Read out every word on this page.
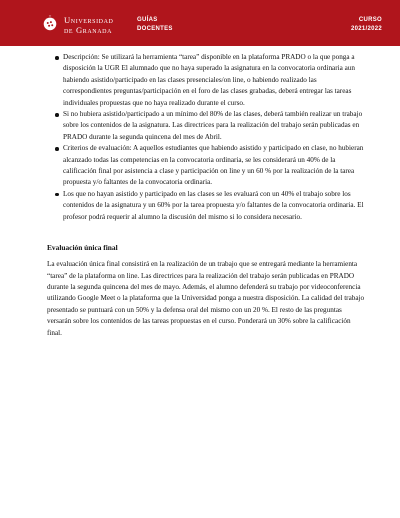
Universidad
de Granada
GUÍAS
DOCENTES
CURSO
2021/2022
Descripción: Se utilizará la herramienta “tarea” disponible en la plataforma PRADO o la que ponga a disposición la UGR El alumnado que no haya superado la asignatura en la convocatoria ordinaria aun habiendo asistido/participado en las clases presenciales/on line, o habiendo realizado las correspondientes preguntas/participación en el foro de las clases grabadas, deberá entregar las tareas individuales propuestas que no haya realizado durante el curso.
Si no hubiera asistido/participado a un mínimo del 80% de las clases, deberá también realizar un trabajo sobre los contenidos de la asignatura. Las directrices para la realización del trabajo serán publicadas en PRADO durante la segunda quincena del mes de Abril.
Criterios de evaluación: A aquellos estudiantes que habiendo asistido y participado en clase, no hubieran alcanzado todas las competencias en la convocatoria ordinaria, se les considerará un 40% de la calificación final por asistencia a clase y participación on line y un 60 % por la realización de la tarea propuesta y/o faltantes de la convocatoria ordinaria.
Los que no hayan asistido y participado en las clases se les evaluará con un 40% el trabajo sobre los contenidos de la asignatura y un 60% por la tarea propuesta y/o faltantes de la convocatoria ordinaria. El profesor podrá requerir al alumno la discusión del mismo si lo considera necesario.
Evaluación única final

La evaluación única final consistirá en la realización de un trabajo que se entregará mediante la herramienta “tarea” de la plataforma on line. Las directrices para la realización del trabajo serán publicadas en PRADO durante la segunda quincena del mes de mayo. Además, el alumno defenderá su trabajo por videoconferencia utilizando Google Meet o la plataforma que la Universidad ponga a nuestra disposición. La calidad del trabajo presentado se puntuará con un 50% y la defensa oral del mismo con un 20 %. El resto de las preguntas versarán sobre los contenidos de las tareas propuestas en el curso. Ponderará un 30% sobre la calificación final.
